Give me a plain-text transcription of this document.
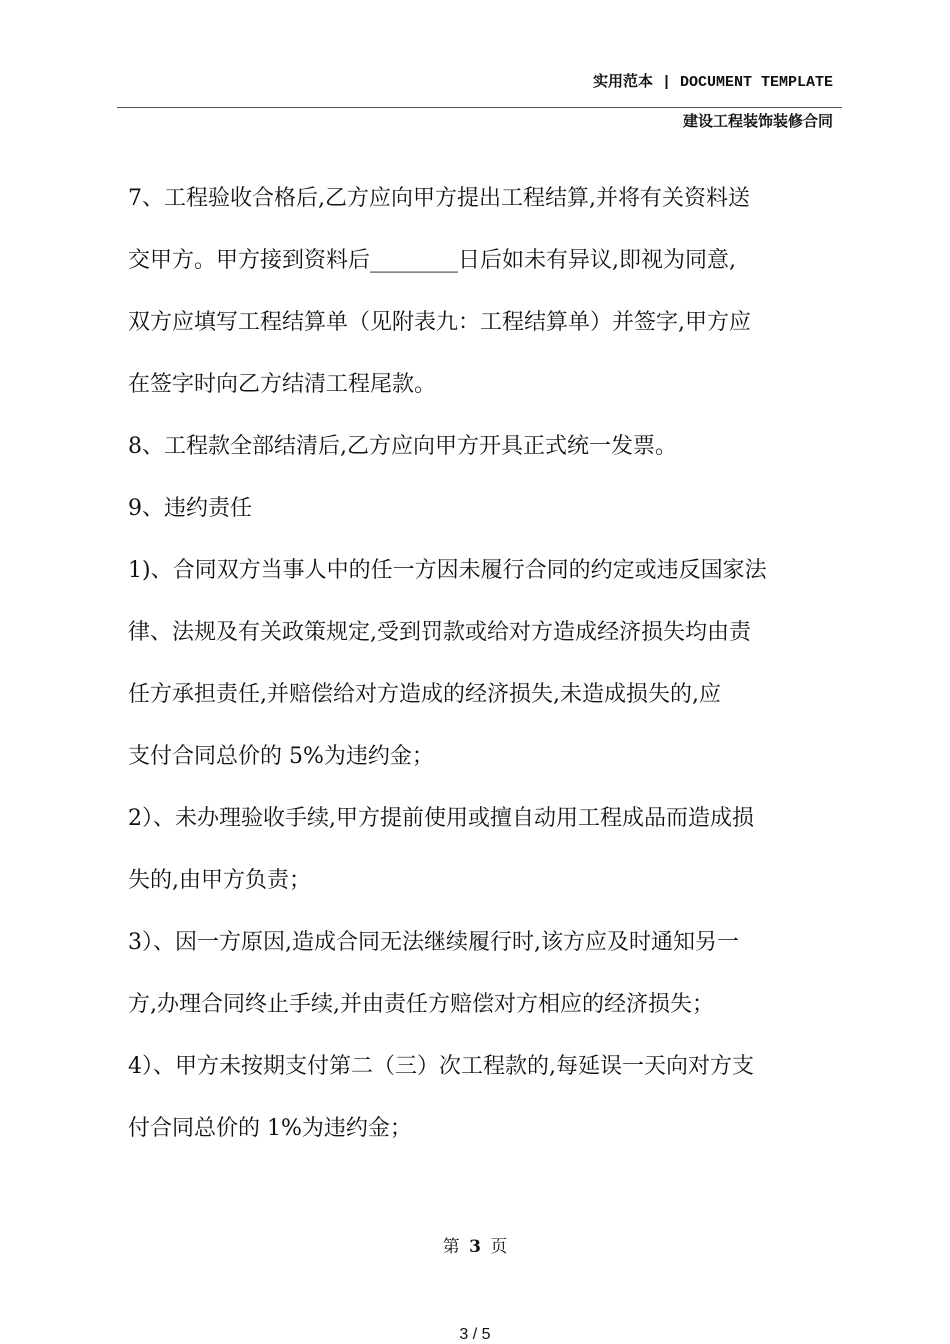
实用范本 | DOCUMENT TEMPLATE
建设工程装饰装修合同
7、工程验收合格后,乙方应向甲方提出工程结算,并将有关资料送
交甲方。甲方接到资料后________日后如未有异议,即视为同意,
双方应填写工程结算单（见附表九：工程结算单）并签字,甲方应
在签字时向乙方结清工程尾款。
8、工程款全部结清后,乙方应向甲方开具正式统一发票。
9、违约责任
1)、合同双方当事人中的任一方因未履行合同的约定或违反国家法
律、法规及有关政策规定,受到罚款或给对方造成经济损失均由责
任方承担责任,并赔偿给对方造成的经济损失,未造成损失的,应
支付合同总价的 5%为违约金；
2）、未办理验收手续,甲方提前使用或擅自动用工程成品而造成损
失的,由甲方负责；
3）、因一方原因,造成合同无法继续履行时,该方应及时通知另一
方,办理合同终止手续,并由责任方赔偿对方相应的经济损失；
4）、甲方未按期支付第二（三）次工程款的,每延误一天向对方支
付合同总价的 1%为违约金；
第 3 页
3 / 5
